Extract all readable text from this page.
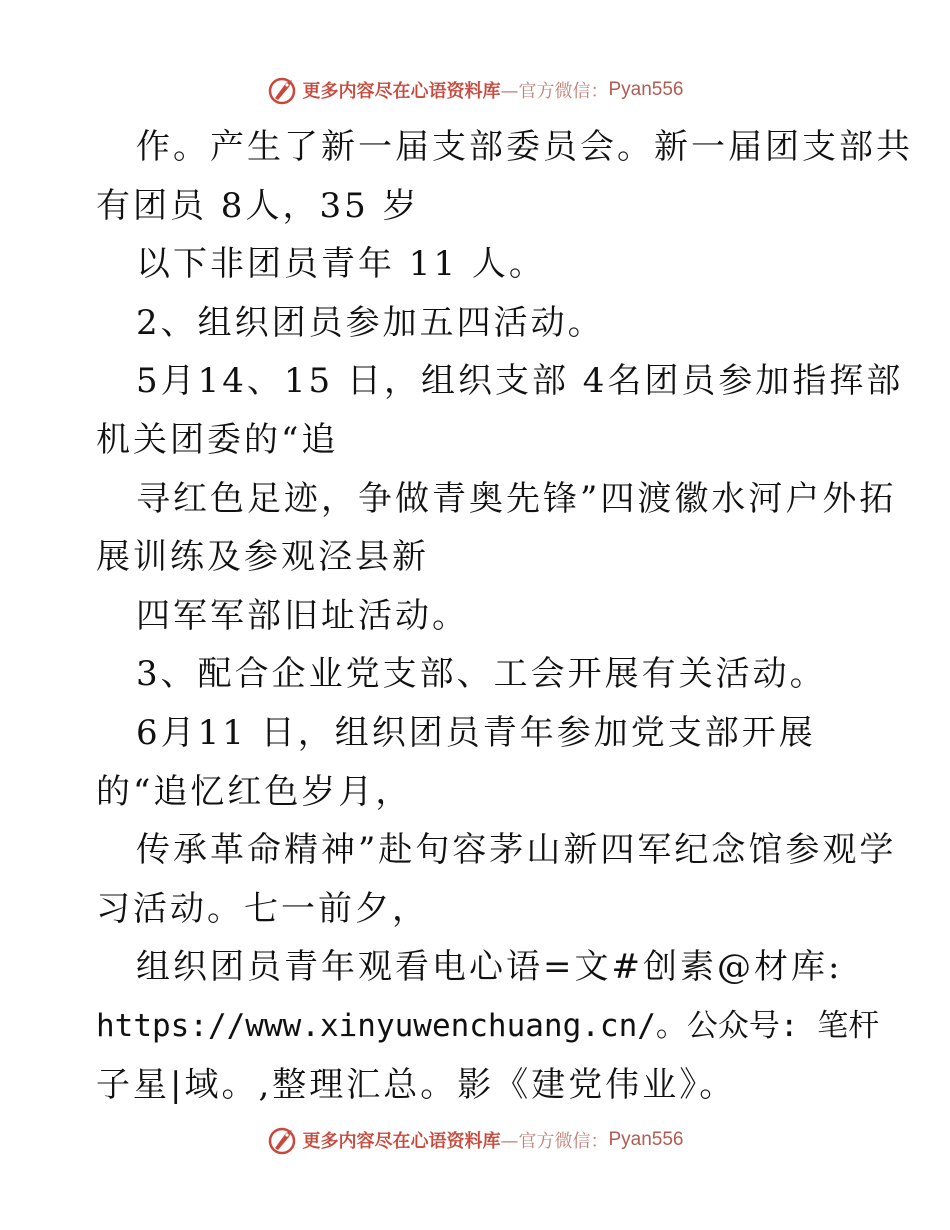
更多内容尽在心语资料库 —官方微信： Pyan556

作。产生了新一届支部委员会。新一届团支部共

有团员 8人，35 岁

以下非团员青年 11 人。

2、组织团员参加五四活动。

5月14、15 日，组织支部 4名团员参加指挥部

机关团委的“追

寻红色足迹，争做青奥先锋”四渡徽水河户外拓

展训练及参观泾县新

四军军部旧址活动。

3、配合企业党支部、工会开展有关活动。

6月11 日，组织团员青年参加党支部开展

的“追忆红色岁月，

传承革命精神”赴句容茅山新四军纪念馆参观学

习活动。七一前夕，

组织团员青年观看电心语=文#创素@材库:

https://www.xinyuwenchuang.cn/。公众号: 笔杆

子星|域。,整理汇总。影《建党伟业》。

更多内容尽在心语资料库 —官方微信： Pyan556
